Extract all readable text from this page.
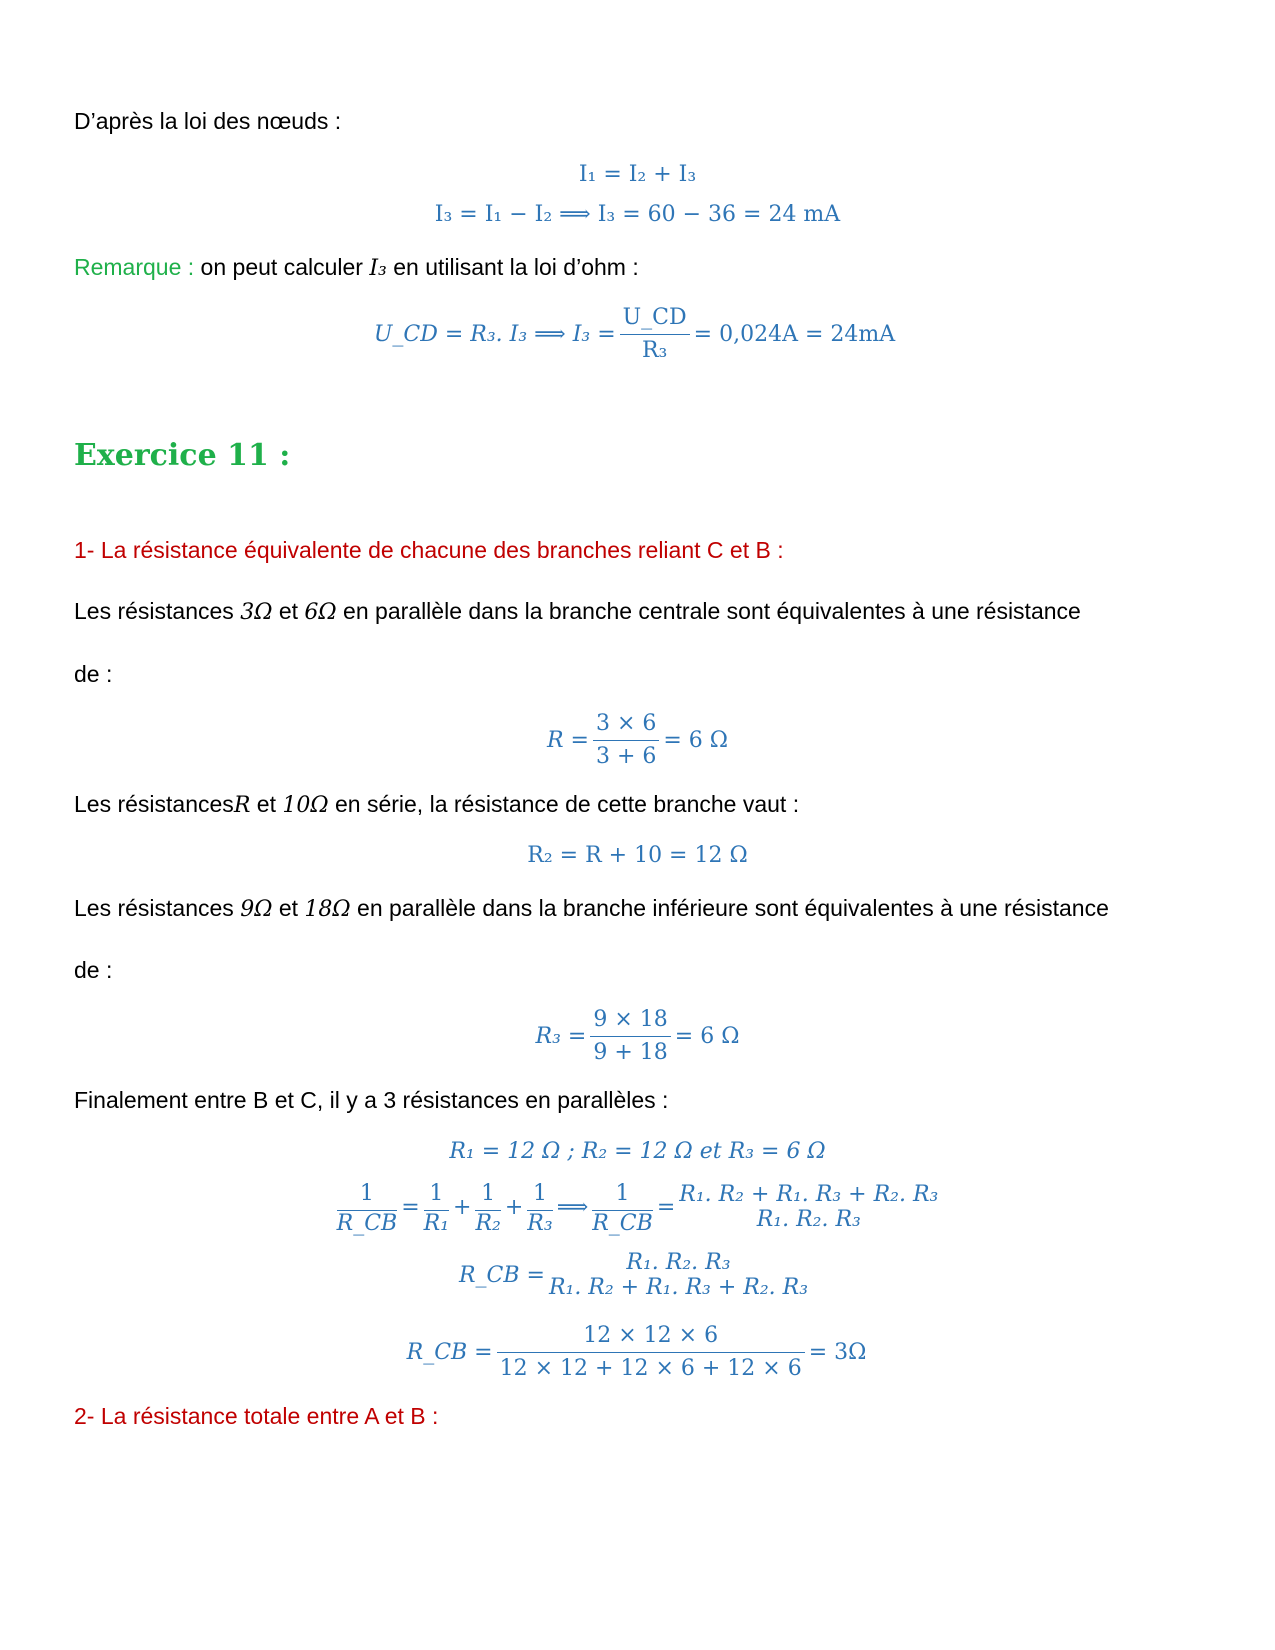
D’après la loi des nœuds :
I₁ = I₂ + I₃
I₃ = I₁ − I₂ ⟹ I₃ = 60 − 36 = 24 mA
Remarque : on peut calculer I₃ en utilisant la loi d’ohm :
U_CD = R₃. I₃ ⟹ $I_3 = \frac{U\_CD}{\text{R₃}} = 0,024A = 24mA$
Exercice 11 :
1- La résistance équivalente de chacune des branches reliant C et B :
Les résistances 3Ω et 6Ω en parallèle dans la branche centrale sont équivalentes à une résistance
de :
$R = \frac{3 \times 6}{3 + 6} = 6$ Ω
Les résistancesR et 10Ω en série, la résistance de cette branche vaut :
R₂ = R + 10 = 12 Ω
Les résistances 9Ω et 18Ω en parallèle dans la branche inférieure sont équivalentes à une résistance
de :
$R_3 = \frac{9 \times 18}{9 + 18} = 6$ Ω
Finalement entre B et C, il y a 3 résistances en parallèles :
R₁ = 12 Ω ; R₂ = 12 Ω et R₃ = 6 Ω
$\frac{1}{R\_CB} = \frac{1}{\text{R₁}} + \frac{1}{\text{R₂}} + \frac{1}{\text{R₃}}$ ⟹ $\frac{1}{R\_CB} = R_1$. R₂ + R₁. R₃ + R₂. R₃
R₁. R₂. R₃
R_CB =	R₁. R₂. R₃
R₁. R₂ + R₁. R₃ + R₂. R₃
R_CB = $\frac{12 \times 12 \times 6}{12 \times 12 + 12 \times 6 + 12 \times 6} = 3\Omega$
2- La résistance totale entre A et B :
